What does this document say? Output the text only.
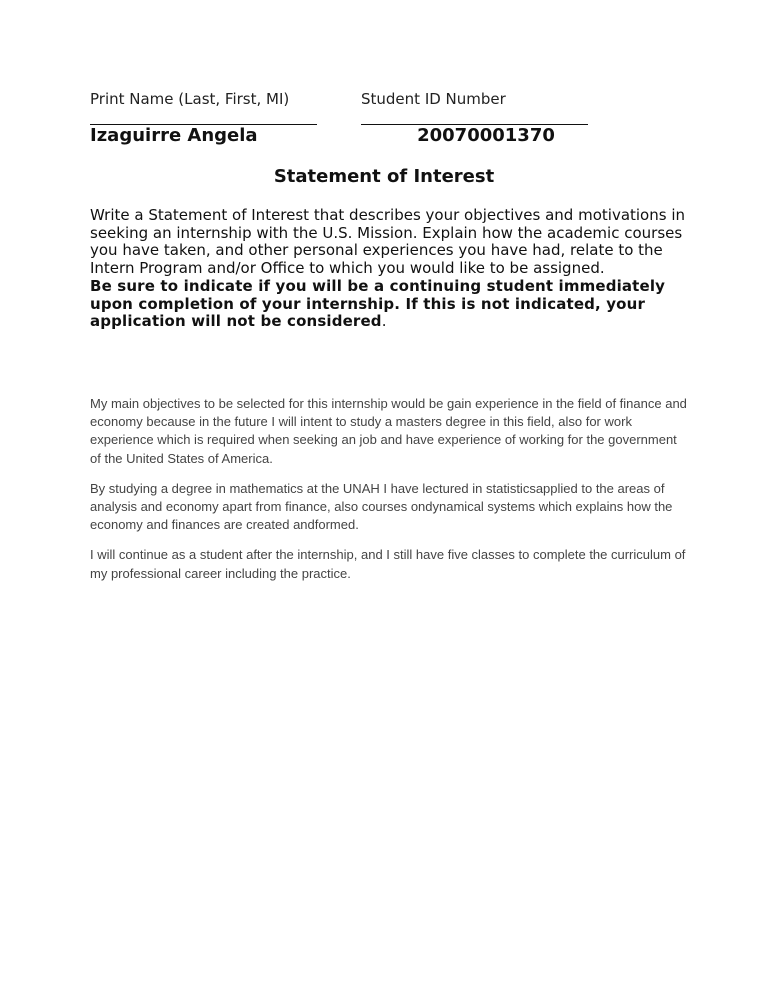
Print Name (Last, First, MI)	Student ID Number
Izaguirre Angela	20070001370
Statement of Interest

Write a Statement of Interest that describes your objectives and motivations in seeking an internship with the U.S. Mission. Explain how the academic courses you have taken, and other personal experiences you have had, relate to the Intern Program and/or Office to which you would like to be assigned.

Be sure to indicate if you will be a continuing student immediately upon completion of your internship. If this is not indicated, your application will not be considered.

My main objectives to be selected for this internship would be gain experience in the field of finance and economy because in the future I will intent to study a masters degree in this field, also for work experience which is required when seeking an job and have experience of working for the government of the United States of America.

By studying a degree in mathematics at the UNAH I have lectured in statisticsapplied to the areas of analysis and economy apart from finance, also courses ondynamical systems which explains how the economy and finances are created andformed.

I will continue as a student after the internship, and I still have five classes to complete the curriculum of my professional career including the practice.
